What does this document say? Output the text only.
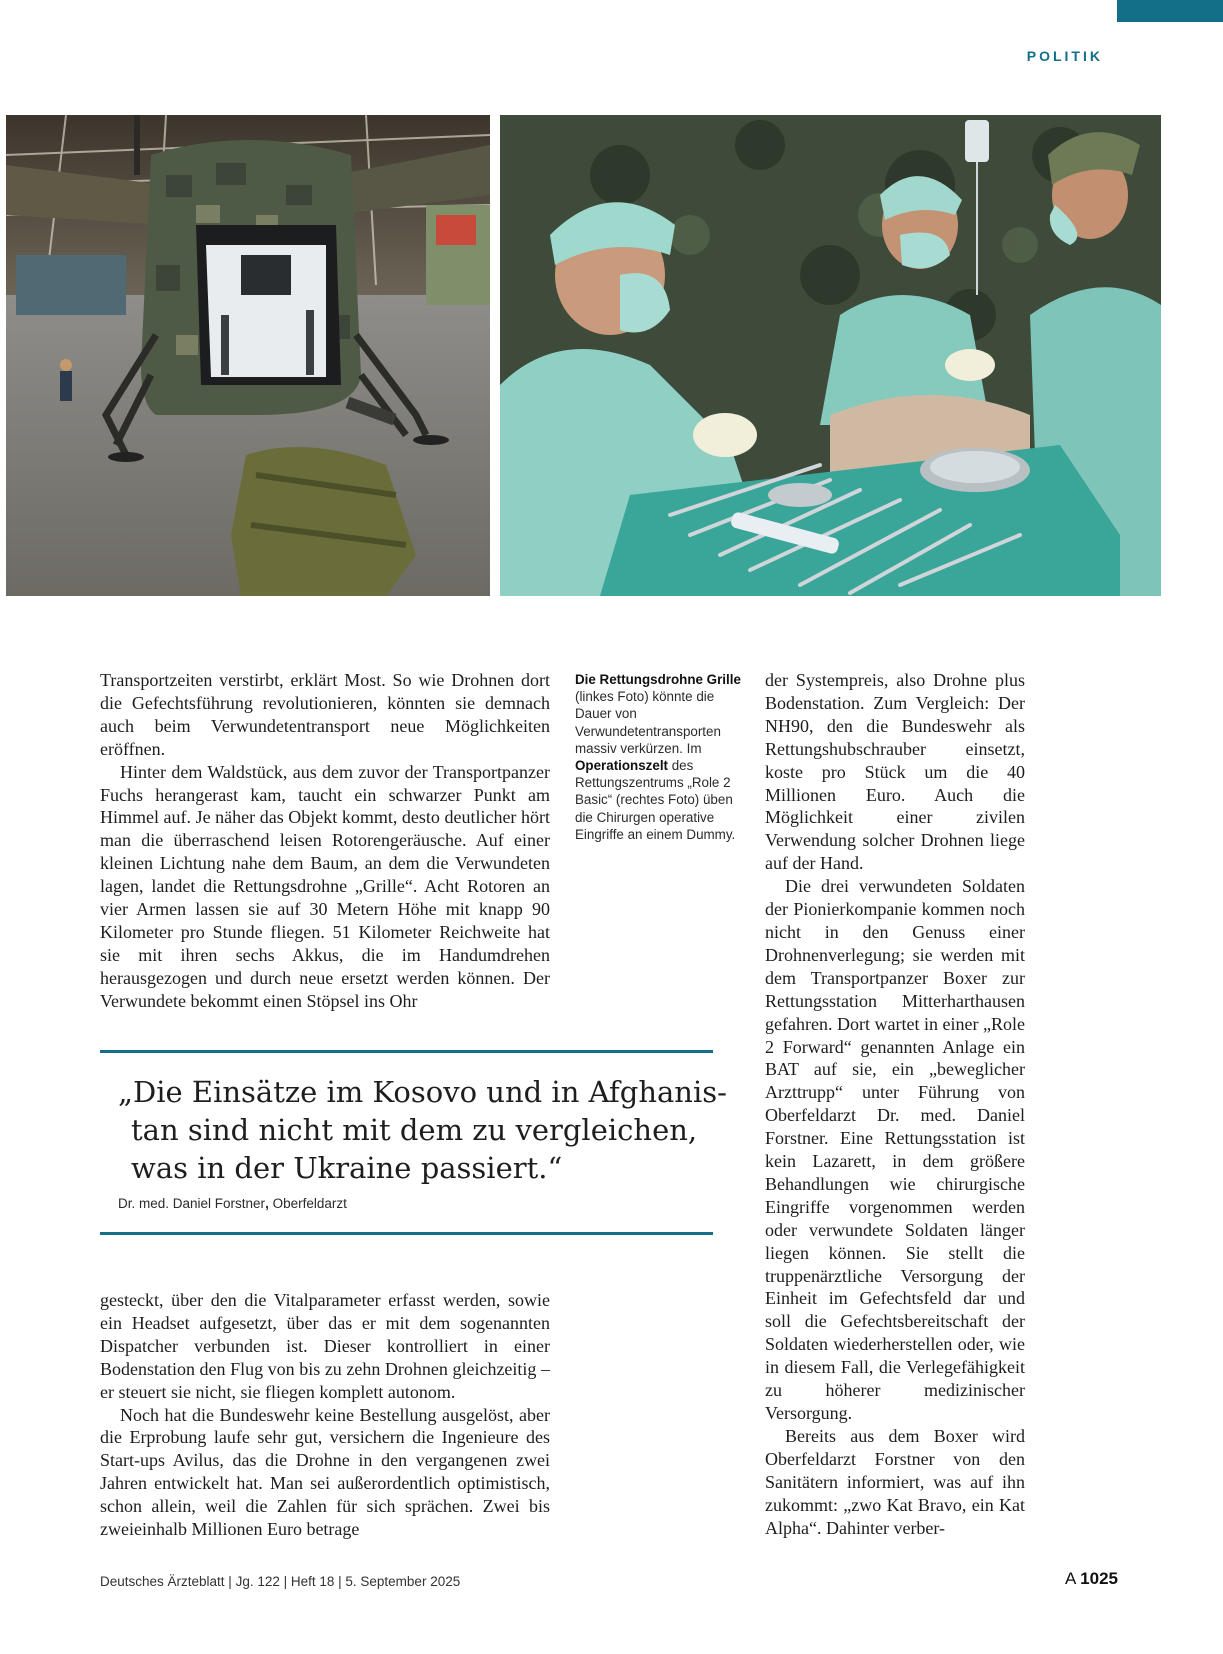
POLITIK

Transportzeiten verstirbt, erklärt Most. So wie Drohnen dort die Gefechtsführung revolutionieren, könnten sie demnach auch beim Verwundetentransport neue Möglichkeiten eröffnen.

Hinter dem Waldstück, aus dem zuvor der Transportpanzer Fuchs herangerast kam, taucht ein schwarzer Punkt am Himmel auf. Je näher das Objekt kommt, desto deutlicher hört man die überraschend leisen Rotorengeräusche. Auf einer kleinen Lichtung nahe dem Baum, an dem die Verwundeten lagen, landet die Rettungsdrohne „Grille“. Acht Rotoren an vier Armen lassen sie auf 30 Metern Höhe mit knapp 90 Kilometer pro Stunde fliegen. 51 Kilometer Reichweite hat sie mit ihren sechs Akkus, die im Handumdrehen herausgezogen und durch neue ersetzt werden können. Der Verwundete bekommt einen Stöpsel ins Ohr

Die Rettungsdrohne Grille (linkes Foto) könnte die Dauer von Verwundetentransporten massiv verkürzen. Im Operationszelt des Rettungszentrums „Role 2 Basic“ (rechtes Foto) üben die Chirurgen operative Eingriffe an einem Dummy.
„Die Einsätze im Kosovo und in Afghanis-
tan sind nicht mit dem zu vergleichen,
was in der Ukraine passiert.“
Dr. med. Daniel Forstner, Oberfeldarzt

gesteckt, über den die Vitalparameter erfasst werden, sowie ein Headset aufgesetzt, über das er mit dem sogenannten Dispatcher verbunden ist. Dieser kontrolliert in einer Bodenstation den Flug von bis zu zehn Drohnen gleichzeitig – er steuert sie nicht, sie fliegen komplett autonom.

Noch hat die Bundeswehr keine Bestellung ausgelöst, aber die Erprobung laufe sehr gut, versichern die Ingenieure des Start-ups Avilus, das die Drohne in den vergangenen zwei Jahren entwickelt hat. Man sei außerordentlich optimistisch, schon allein, weil die Zahlen für sich sprächen. Zwei bis zweieinhalb Millionen Euro betrage

der Systempreis, also Drohne plus Bodenstation. Zum Vergleich: Der NH90, den die Bundeswehr als Rettungshubschrauber einsetzt, koste pro Stück um die 40 Millionen Euro. Auch die Möglichkeit einer zivilen Verwendung solcher Drohnen liege auf der Hand.

Die drei verwundeten Soldaten der Pionierkompanie kommen noch nicht in den Genuss einer Drohnenverlegung; sie werden mit dem Transportpanzer Boxer zur Rettungsstation Mitterharthausen gefahren. Dort wartet in einer „Role 2 Forward“ genannten Anlage ein BAT auf sie, ein „beweglicher Arzttrupp“ unter Führung von Oberfeldarzt Dr. med. Daniel Forstner. Eine Rettungsstation ist kein Lazarett, in dem größere Behandlungen wie chirurgische Eingriffe vorgenommen werden oder verwundete Soldaten länger liegen können. Sie stellt die truppenärztliche Versorgung der Einheit im Gefechtsfeld dar und soll die Gefechtsbereitschaft der Soldaten wiederherstellen oder, wie in diesem Fall, die Verlegefähigkeit zu höherer medizinischer Versorgung.

Bereits aus dem Boxer wird Oberfeldarzt Forstner von den Sanitätern informiert, was auf ihn zukommt: „zwo Kat Bravo, ein Kat Alpha“. Dahinter verber-

Deutsches Ärzteblatt | Jg. 122 | Heft 18 | 5. September 2025	A 1025
